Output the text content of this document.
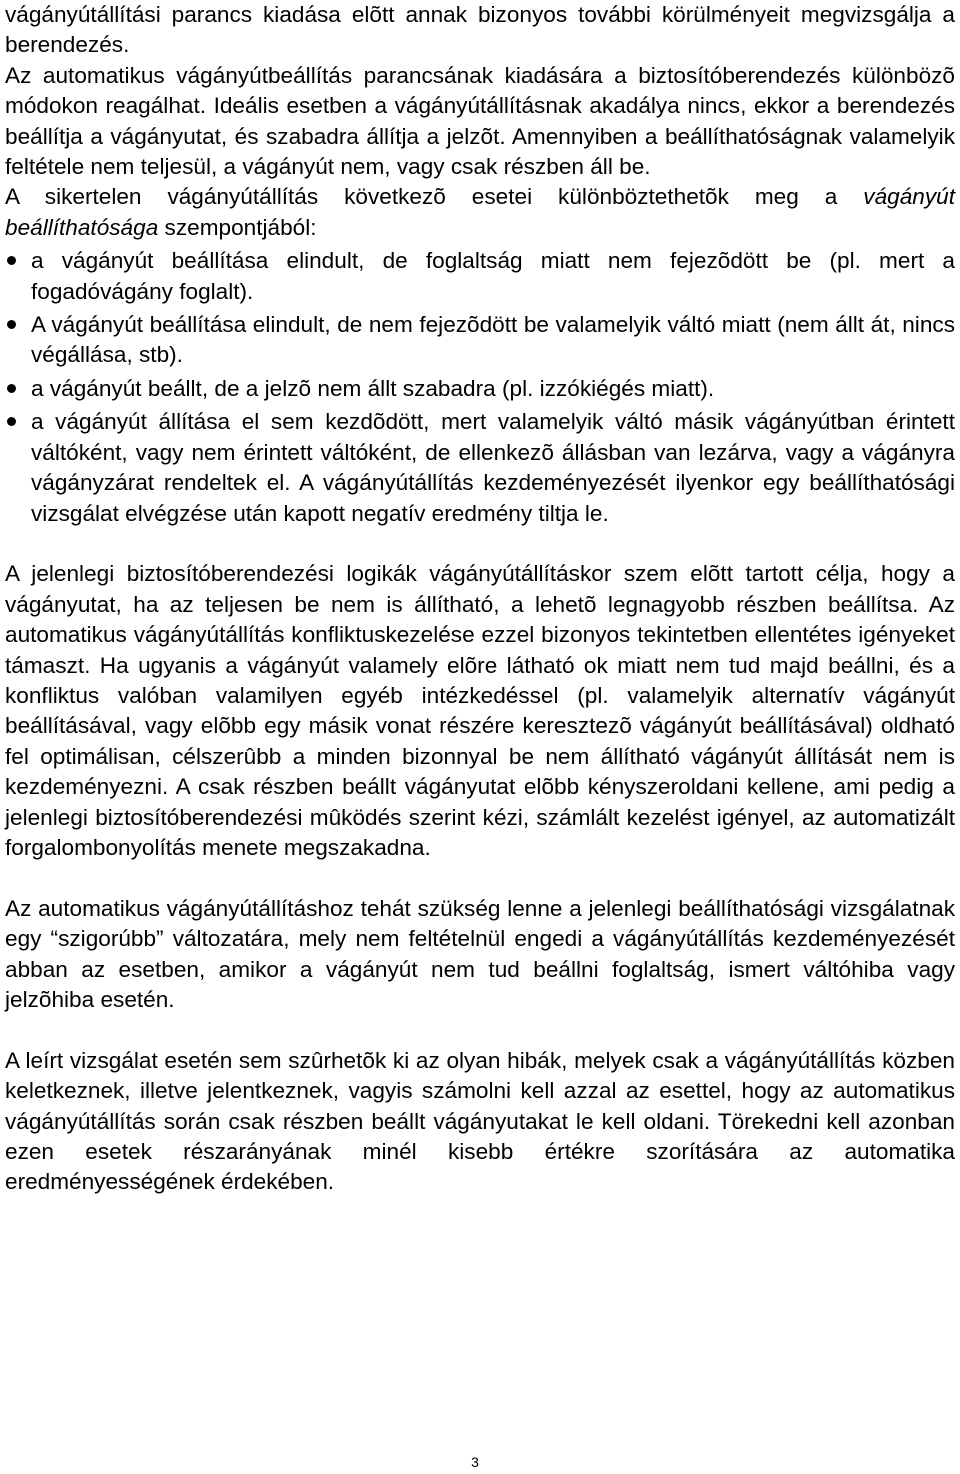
vágányútállítási parancs kiadása elõtt annak bizonyos további körülményeit megvizsgálja a berendezés.

Az automatikus vágányútbeállítás parancsának kiadására a biztosítóberendezés különbözõ módokon reagálhat. Ideális esetben a vágányútállításnak akadálya nincs, ekkor a berendezés beállítja a vágányutat, és szabadra állítja a jelzõt. Amennyiben a beállíthatóságnak valamelyik feltétele nem teljesül, a vágányút nem, vagy csak részben áll be.

A sikertelen vágányútállítás következõ esetei különböztethetõk meg a vágányút beállíthatósága szempontjából:

a vágányút beállítása elindult, de foglaltság miatt nem fejezõdött be (pl. mert a fogadóvágány foglalt).
A vágányút beállítása elindult, de nem fejezõdött be valamelyik váltó miatt (nem állt át, nincs végállása, stb).
a vágányút beállt, de a jelzõ nem állt szabadra (pl. izzókiégés miatt).
a vágányút állítása el sem kezdõdött, mert valamelyik váltó másik vágányútban érintett váltóként, vagy nem érintett váltóként, de ellenkezõ állásban van lezárva, vagy a vágányra vágányzárat rendeltek el. A vágányútállítás kezdeményezését ilyenkor egy beállíthatósági vizsgálat elvégzése után kapott negatív eredmény tiltja le.

A jelenlegi biztosítóberendezési logikák vágányútállításkor szem elõtt tartott célja, hogy a vágányutat, ha az teljesen be nem is állítható, a lehetõ legnagyobb részben beállítsa. Az automatikus vágányútállítás konfliktuskezelése ezzel bizonyos tekintetben ellentétes igényeket támaszt. Ha ugyanis a vágányút valamely elõre látható ok miatt nem tud majd beállni, és a konfliktus valóban valamilyen egyéb intézkedéssel (pl. valamelyik alternatív vágányút beállításával, vagy elõbb egy másik vonat részére keresztezõ vágányút beállításával) oldható fel optimálisan, célszerûbb a minden bizonnyal be nem állítható vágányút állítását nem is kezdeményezni. A csak részben beállt vágányutat elõbb kényszeroldani kellene, ami pedig a jelenlegi biztosítóberendezési mûködés szerint kézi, számlált kezelést igényel, az automatizált forgalombonyolítás menete megszakadna.

Az automatikus vágányútállításhoz tehát szükség lenne a jelenlegi beállíthatósági vizsgálatnak egy “szigorúbb” változatára, mely nem feltételnül engedi a vágányútállítás kezdeményezését abban az esetben, amikor a vágányút nem tud beállni foglaltság, ismert váltóhiba vagy jelzõhiba esetén.

A leírt vizsgálat esetén sem szûrhetõk ki az olyan hibák, melyek csak a vágányútállítás közben keletkeznek, illetve jelentkeznek, vagyis számolni kell azzal az esettel, hogy az automatikus vágányútállítás során csak részben beállt vágányutakat le kell oldani. Törekedni kell azonban ezen esetek részarányának minél kisebb értékre szorítására az automatika eredményességének érdekében.

3
